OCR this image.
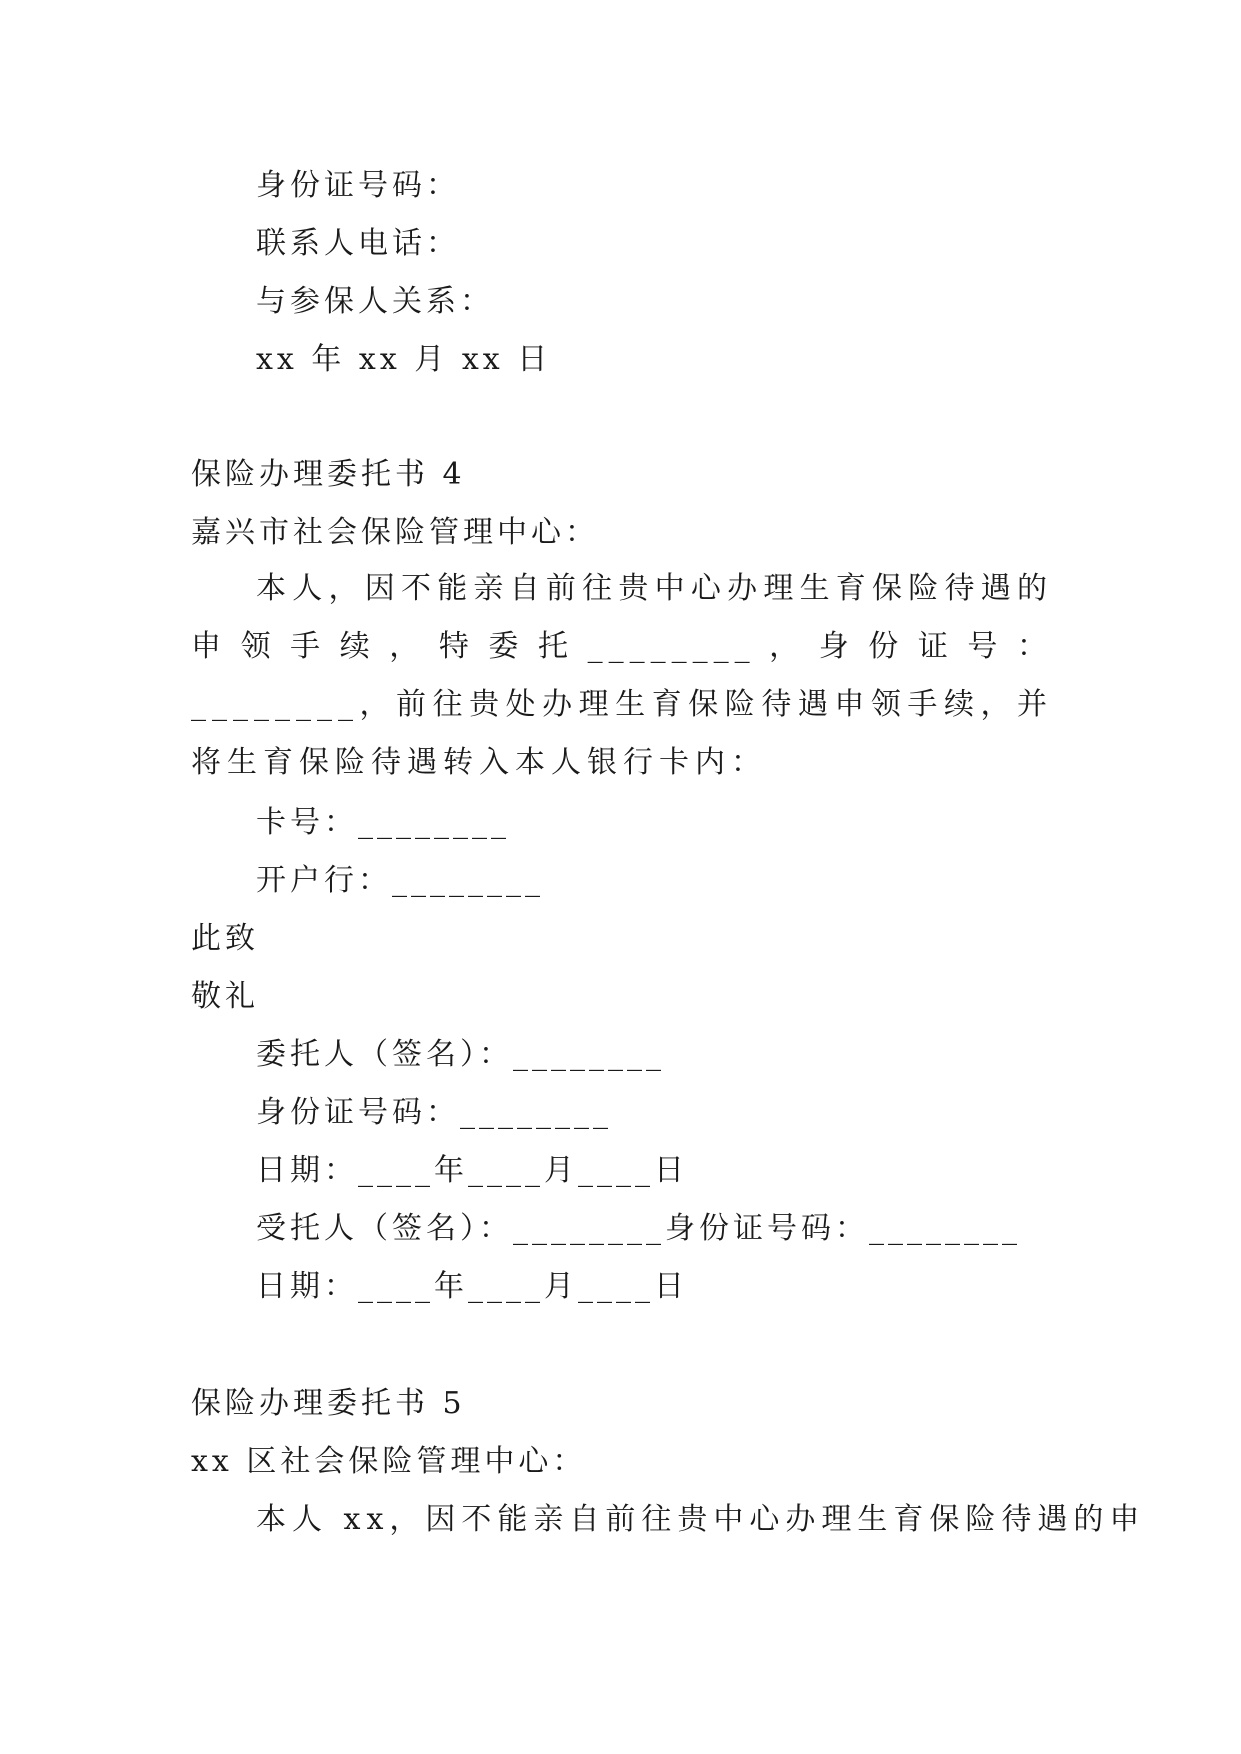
身份证号码：
联系人电话：
与参保人关系：
xx 年 xx 月 xx 日
保险办理委托书 4
嘉兴市社会保险管理中心：
本人，因不能亲自前往贵中心办理生育保险待遇的申领手续，特委托________，身份证号：________，前往贵处办理生育保险待遇申领手续，并将生育保险待遇转入本人银行卡内：
卡号：________
开户行：________
此致
敬礼
委托人（签名）：________
身份证号码：________
日期：____年____月____日
受托人（签名）：________身份证号码：________
日期：____年____月____日
保险办理委托书 5
xx 区社会保险管理中心：
本人 xx，因不能亲自前往贵中心办理生育保险待遇的申
